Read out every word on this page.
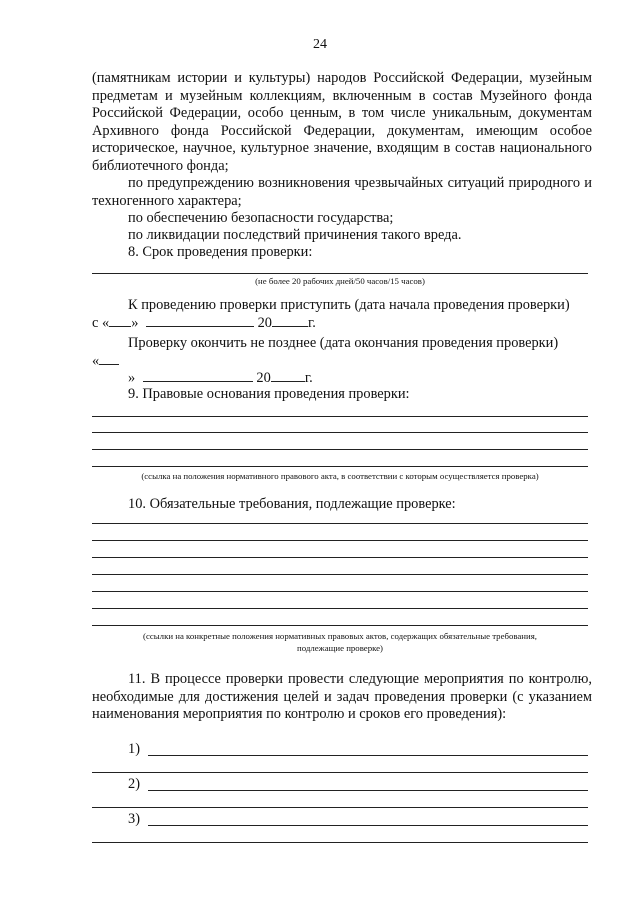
24
(памятникам истории и культуры) народов Российской Федерации, музейным предметам и музейным коллекциям, включенным в состав Музейного фонда Российской Федерации, особо ценным, в том числе уникальным, документам Архивного фонда Российской Федерации, документам, имеющим особое историческое, научное, культурное значение, входящим в состав национального библиотечного фонда;
по предупреждению возникновения чрезвычайных ситуаций природного и техногенного характера;
по обеспечению безопасности государства;
по ликвидации последствий причинения такого вреда.
8. Срок проведения проверки:
(не более 20 рабочих дней/50 часов/15 часов)
К проведению проверки приступить (дата начала проведения проверки)
с « »	20	г.
Проверку окончить не позднее (дата окончания проведения проверки)
«
»	20 г.
9. Правовые основания проведения проверки:
(ссылка на положения нормативного правового акта, в соответствии с которым осуществляется проверка)
10. Обязательные требования, подлежащие проверке:
(ссылки на конкретные положения нормативных правовых актов, содержащих обязательные требования,
подлежащие проверке)
11. В процессе проверки провести следующие мероприятия по контролю, необходимые для достижения целей и задач проведения проверки (с указанием наименования мероприятия по контролю и сроков его проведения):
1)
2)
3)
